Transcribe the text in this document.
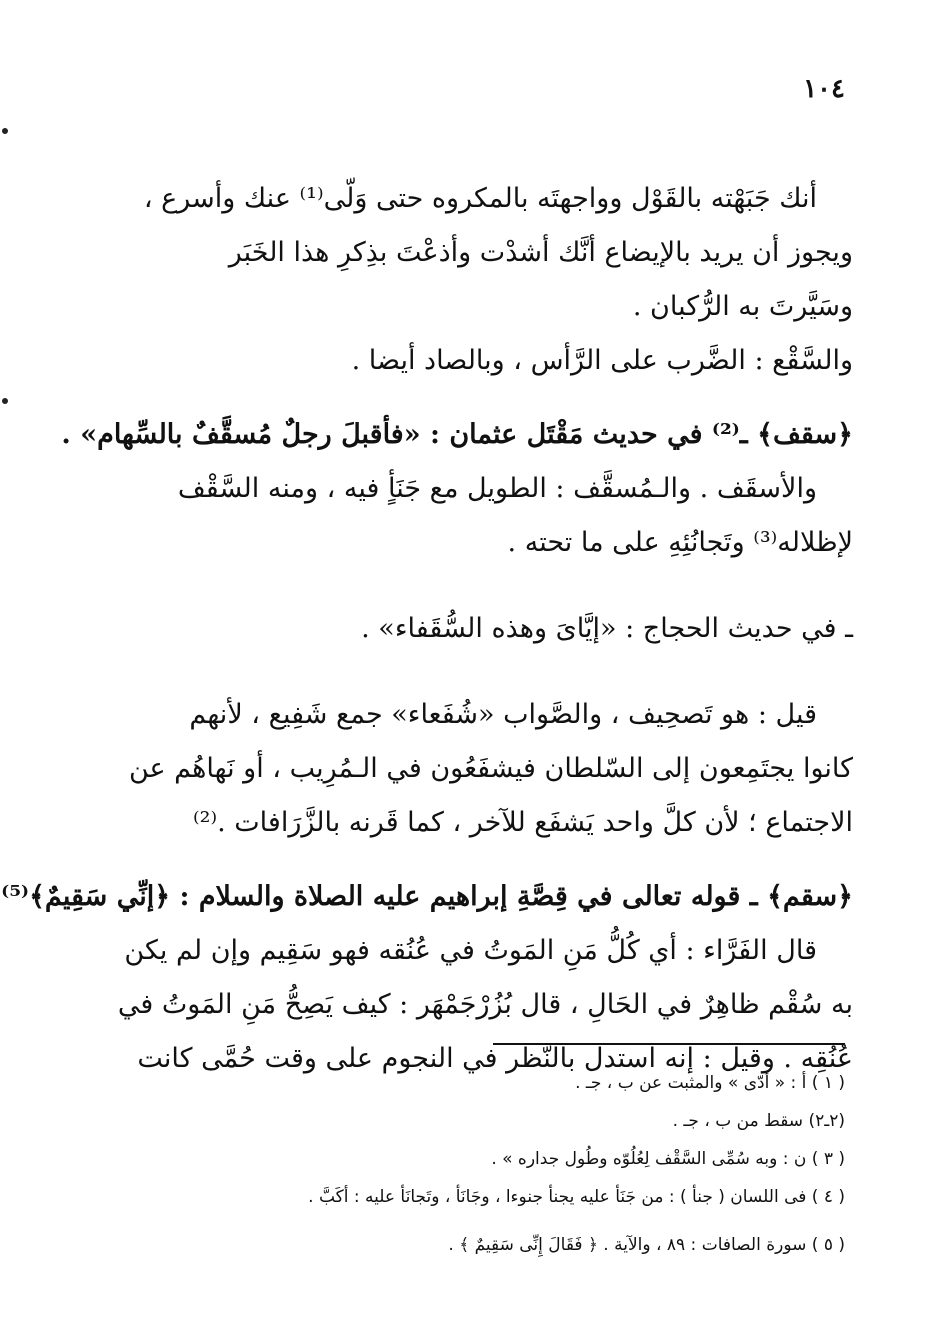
١٠٤
أنك جَبَهْته بالقَوْل وواجهتَه بالمكروه حتى وَلّى⁽¹⁾ عنك وأسرع ،
ويجوز أن يريد بالإيضاع أنَّك أشدْت وأذعْتَ بذِكرِ هذا الخَبَر
وسَيَّرتَ به الرُّكبان .
والسَّقْع : الضَّرب على الرَّأس ، وبالصاد أيضا .
﴿سقف﴾ ـ⁽²⁾ في حديث مَقْتَل عثمان : «فأقبلَ رجلٌ مُسقَّفٌ بالسِّهام» .
والأسقَف . والـمُسقَّف : الطويل مع جَنَأٍ فيه ، ومنه السَّقْف
لإظلاله⁽³⁾ وتَجانُئِهِ على ما تحته .
ـ في حديث الحجاج : «إيَّاىَ وهذه السُّقَفاء» .
قيل : هو تَصحِيف ، والصَّواب «شُفَعاء» جمع شَفِيع ، لأنهم
كانوا يجتَمِعون إلى السّلطان فيشفَعُون في الـمُرِيب ، أو نَهاهُم عن
الاجتماع ؛ لأن كلَّ واحد يَشفَع للآخر ، كما قَرنه بالزَّرَافات .⁽²⁾
﴿سقم﴾ ـ قوله تعالى في قِصَّةِ إبراهيم عليه الصلاة والسلام : ﴿إنِّي سَقِيمٌ﴾⁽⁵⁾
قال الفَرَّاء : أي كُلُّ مَنِ المَوتُ في عُنُقه فهو سَقِيم وإن لم يكن
به سُقْم ظاهِرٌ في الحَالِ ، قال بُزُرْجَمْهَر : كيف يَصِحُّ مَنِ المَوتُ في
عُنُقِه . وقيل : إنه استدل بالنّظر في النجوم على وقت حُمَّى كانت
( ١ ) أ : « أدّى » والمثبت عن ب ، جـ .
(٢ـ٢) سقط من ب ، جـ .
( ٣ ) ن : وبه سُمِّى السَّقْف لِعُلُوّه وطُول جداره » .
( ٤ ) فى اللسان ( جنأ ) : من جَنَأ عليه يجنأ جنوءا ، وجَانَأ ، وتَجانَأ عليه : أكَبَّ .
( ٥ ) سورة الصافات : ٨٩ ، والآية . ﴿ فَقَالَ إِنِّى سَقِيمٌ ﴾ .
